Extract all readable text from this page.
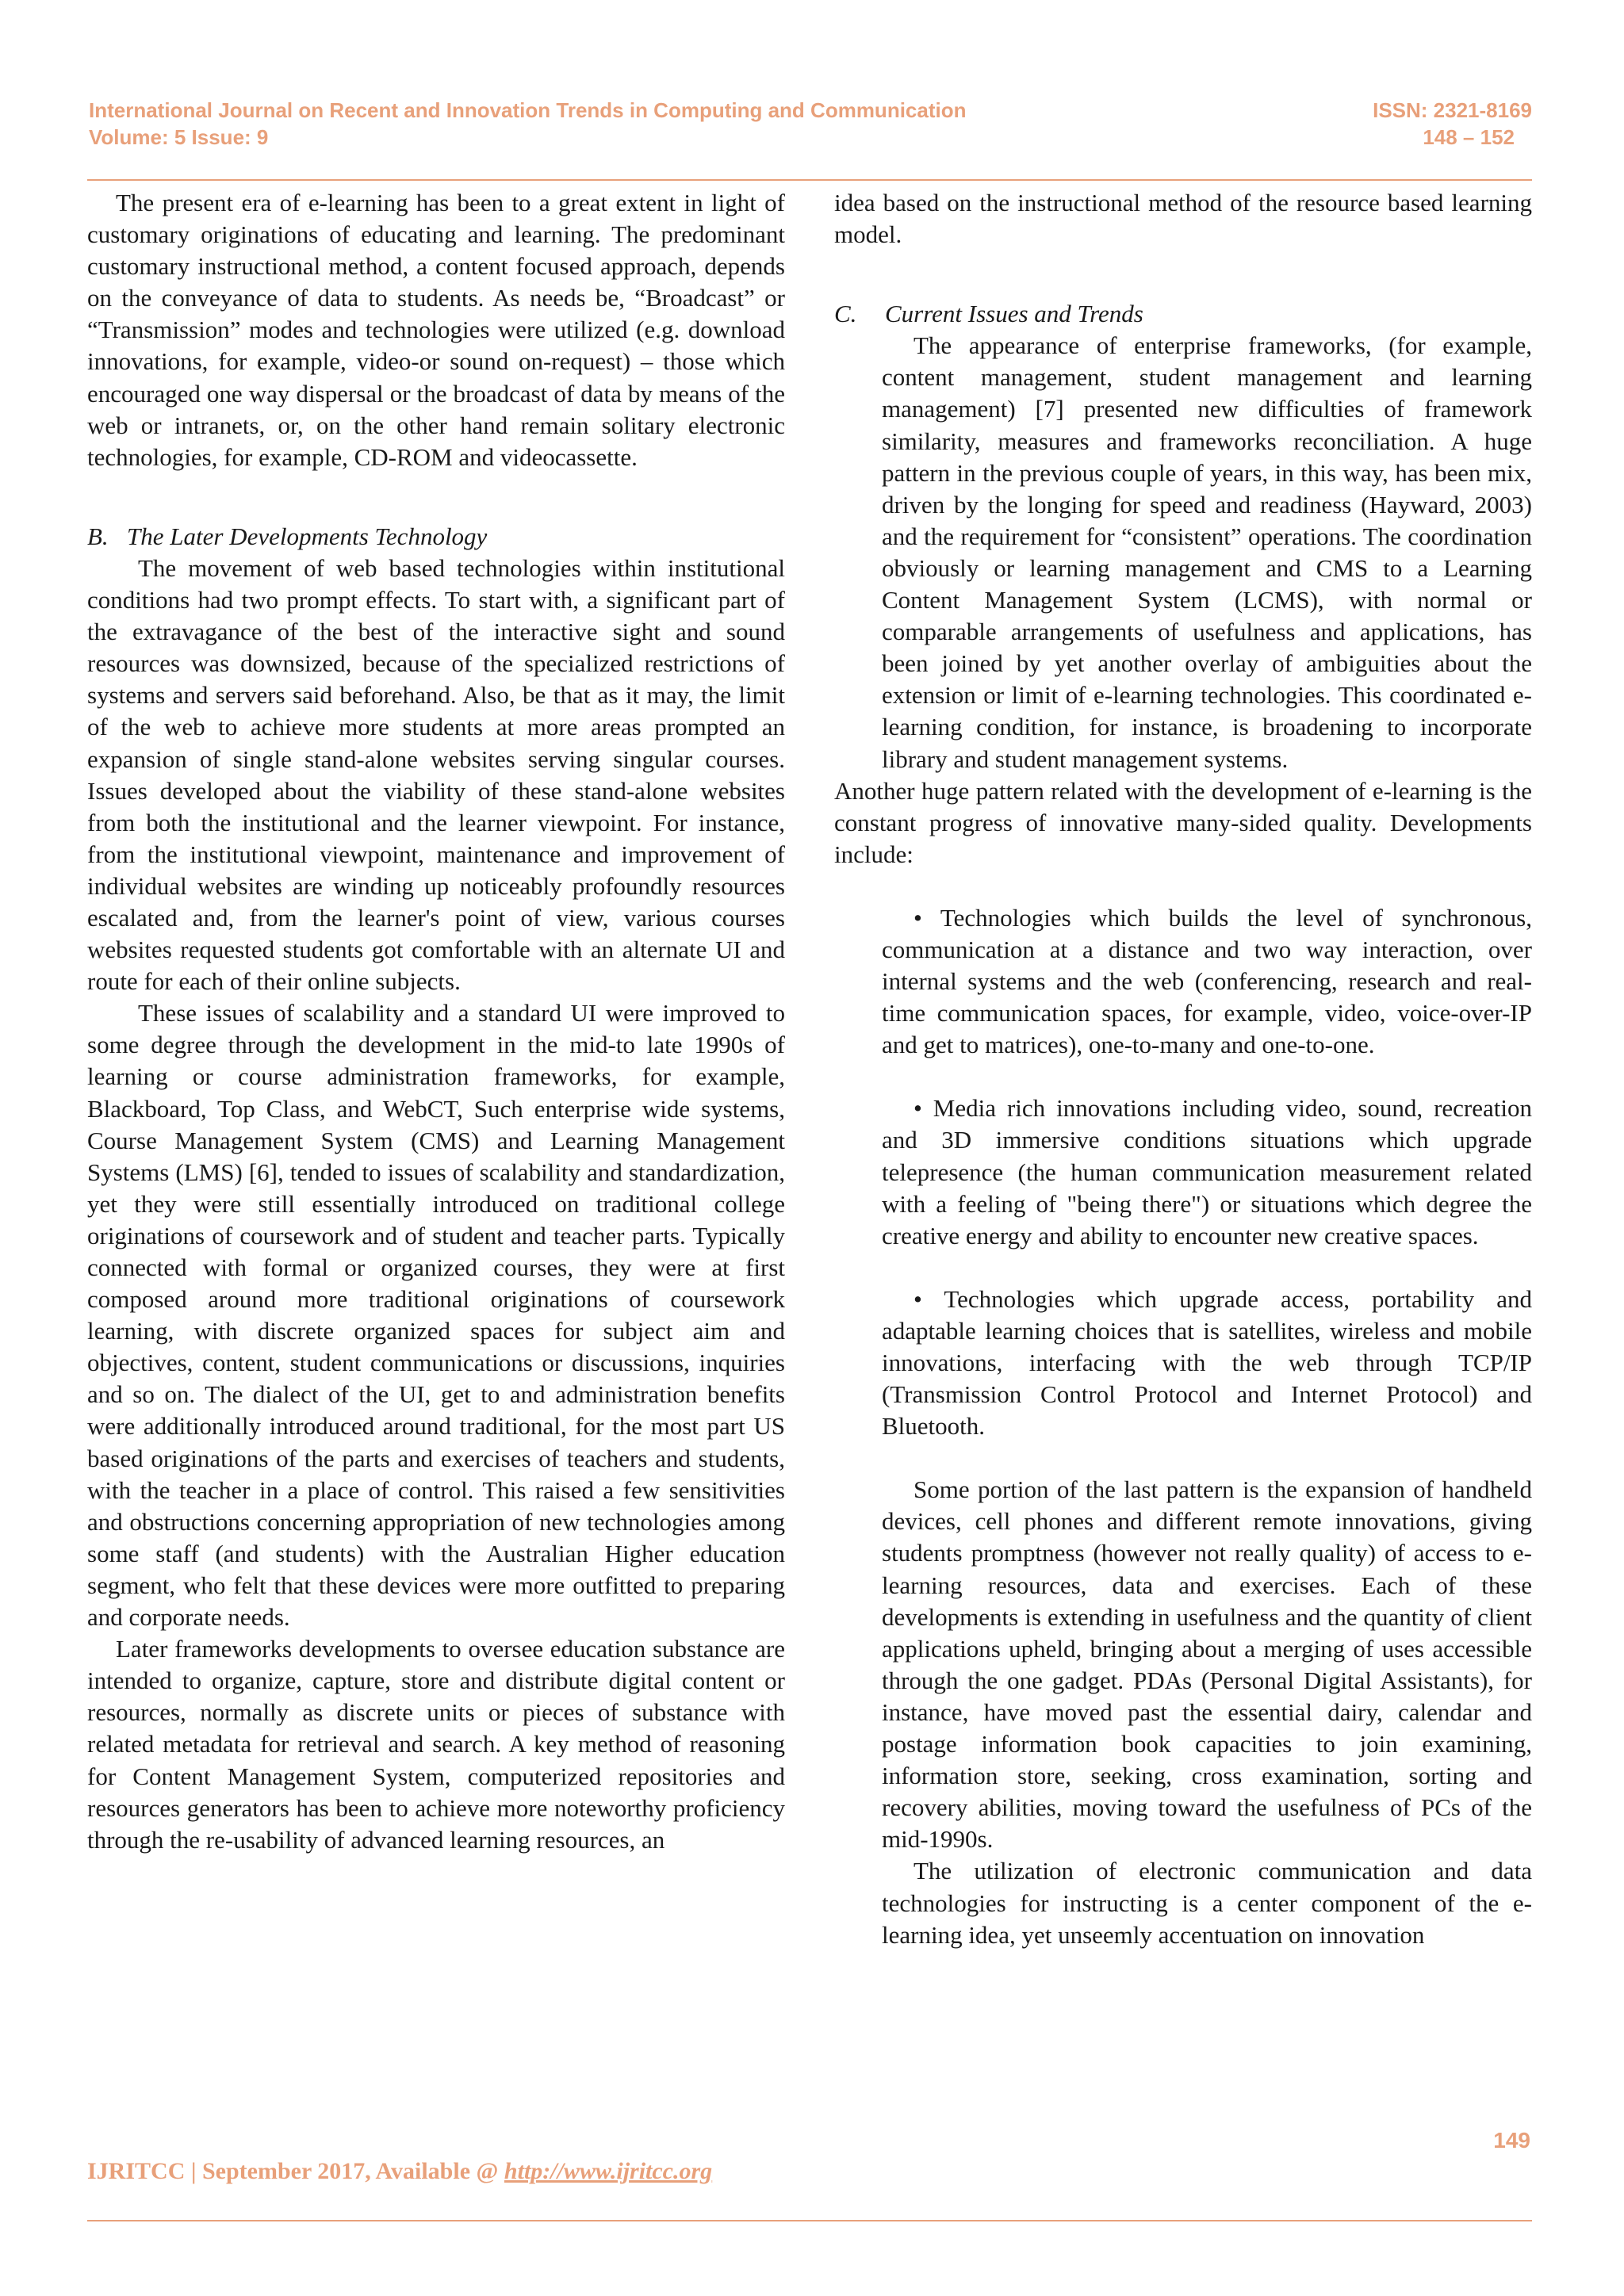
International Journal on Recent and Innovation Trends in Computing and Communication	ISSN: 2321-8169
Volume: 5 Issue: 9	148 – 152

The present era of e-learning has been to a great extent in light of customary originations of educating and learning. The predominant customary instructional method, a content focused approach, depends on the conveyance of data to students. As needs be, “Broadcast” or “Transmission” modes and technologies were utilized (e.g. download innovations, for example, video-or sound on-request) – those which encouraged one way dispersal or the broadcast of data by means of the web or intranets, or, on the other hand remain solitary electronic technologies, for example, CD-ROM and videocassette.

B. The Later Developments Technology

The movement of web based technologies within institutional conditions had two prompt effects. To start with, a significant part of the extravagance of the best of the interactive sight and sound resources was downsized, because of the specialized restrictions of systems and servers said beforehand. Also, be that as it may, the limit of the web to achieve more students at more areas prompted an expansion of single stand-alone websites serving singular courses. Issues developed about the viability of these stand-alone websites from both the institutional and the learner viewpoint. For instance, from the institutional viewpoint, maintenance and improvement of individual websites are winding up noticeably profoundly resources escalated and, from the learner's point of view, various courses websites requested students got comfortable with an alternate UI and route for each of their online subjects.

These issues of scalability and a standard UI were improved to some degree through the development in the mid-to late 1990s of learning or course administration frameworks, for example, Blackboard, Top Class, and WebCT, Such enterprise wide systems, Course Management System (CMS) and Learning Management Systems (LMS) [6], tended to issues of scalability and standardization, yet they were still essentially introduced on traditional college originations of coursework and of student and teacher parts. Typically connected with formal or organized courses, they were at first composed around more traditional originations of coursework learning, with discrete organized spaces for subject aim and objectives, content, student communications or discussions, inquiries and so on. The dialect of the UI, get to and administration benefits were additionally introduced around traditional, for the most part US based originations of the parts and exercises of teachers and students, with the teacher in a place of control. This raised a few sensitivities and obstructions concerning appropriation of new technologies among some staff (and students) with the Australian Higher education segment, who felt that these devices were more outfitted to preparing and corporate needs.

Later frameworks developments to oversee education substance are intended to organize, capture, store and distribute digital content or resources, normally as discrete units or pieces of substance with related metadata for retrieval and search. A key method of reasoning for Content Management System, computerized repositories and resources generators has been to achieve more noteworthy proficiency through the re-usability of advanced learning resources, an

idea based on the instructional method of the resource based learning model.

C. Current Issues and Trends

The appearance of enterprise frameworks, (for example, content management, student management and learning management) [7] presented new difficulties of framework similarity, measures and frameworks reconciliation. A huge pattern in the previous couple of years, in this way, has been mix, driven by the longing for speed and readiness (Hayward, 2003) and the requirement for “consistent” operations. The coordination obviously or learning management and CMS to a Learning Content Management System (LCMS), with normal or comparable arrangements of usefulness and applications, has been joined by yet another overlay of ambiguities about the extension or limit of e-learning technologies. This coordinated e-learning condition, for instance, is broadening to incorporate library and student management systems.

Another huge pattern related with the development of e-learning is the constant progress of innovative many-sided quality. Developments include:

• Technologies which builds the level of synchronous, communication at a distance and two way interaction, over internal systems and the web (conferencing, research and real-time communication spaces, for example, video, voice-over-IP and get to matrices), one-to-many and one-to-one.

• Media rich innovations including video, sound, recreation and 3D immersive conditions situations which upgrade telepresence (the human communication measurement related with a feeling of "being there") or situations which degree the creative energy and ability to encounter new creative spaces.

• Technologies which upgrade access, portability and adaptable learning choices that is satellites, wireless and mobile innovations, interfacing with the web through TCP/IP (Transmission Control Protocol and Internet Protocol) and Bluetooth.

Some portion of the last pattern is the expansion of handheld devices, cell phones and different remote innovations, giving students promptness (however not really quality) of access to e-learning resources, data and exercises. Each of these developments is extending in usefulness and the quantity of client applications upheld, bringing about a merging of uses accessible through the one gadget. PDAs (Personal Digital Assistants), for instance, have moved past the essential dairy, calendar and postage information book capacities to join examining, information store, seeking, cross examination, sorting and recovery abilities, moving toward the usefulness of PCs of the mid-1990s.

The utilization of electronic communication and data technologies for instructing is a center component of the e-learning idea, yet unseemly accentuation on innovation

149
IJRITCC | September 2017, Available @ http://www.ijritcc.org
